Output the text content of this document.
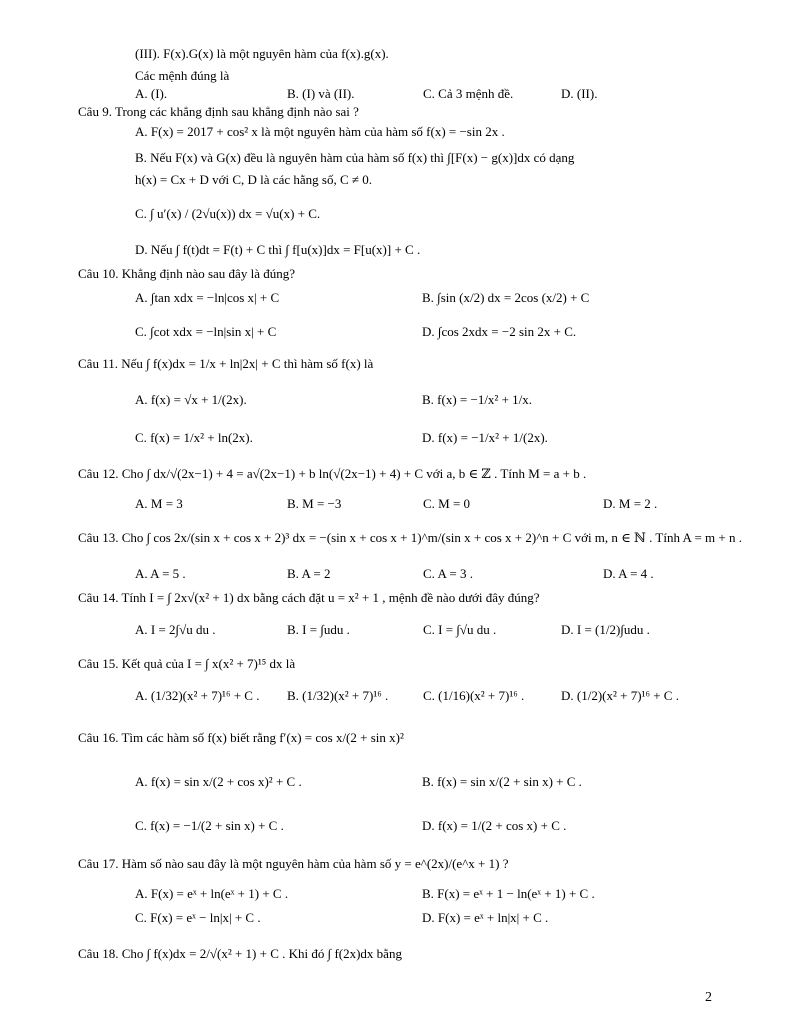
(III). F(x).G(x) là một nguyên hàm của f(x).g(x).
Các mệnh đúng là
A. (I).	B. (I) và (II).	C. Cả 3 mệnh đề.	D. (II).
Câu 9. Trong các khẳng định sau khẳng định nào sai ?
A. F(x) = 2017 + cos² x là một nguyên hàm của hàm số f(x) = −sin 2x .
B. Nếu F(x) và G(x) đều là nguyên hàm của hàm số f(x) thì ∫[F(x) − g(x)]dx có dạng
h(x) = Cx + D với C, D là các hằng số, C ≠ 0.
C. ∫ u′(x) / (2√u(x)) dx = √u(x) + C.
D. Nếu ∫ f(t)dt = F(t) + C thì ∫ f[u(x)]dx = F[u(x)] + C .
Câu 10. Khẳng định nào sau đây là đúng?
A. ∫tan xdx = −ln|cos x| + C	B. ∫sin (x/2) dx = 2cos (x/2) + C
C. ∫cot xdx = −ln|sin x| + C	D. ∫cos 2xdx = −2 sin 2x + C.
Câu 11. Nếu ∫ f(x)dx = 1/x + ln|2x| + C thì hàm số f(x) là
A. f(x) = √x + 1/(2x).	B. f(x) = −1/x² + 1/x.
C. f(x) = 1/x² + ln(2x).	D. f(x) = −1/x² + 1/(2x).
Câu 12. Cho ∫ dx/√(2x−1) + 4 = a√(2x−1) + b ln(√(2x−1) + 4) + C với a, b ∈ ℤ . Tính M = a + b .
A. M = 3	B. M = −3	C. M = 0	D. M = 2 .
Câu 13. Cho ∫ cos 2x/(sin x + cos x + 2)³ dx = −(sin x + cos x + 1)^m/(sin x + cos x + 2)^n + C với m, n ∈ ℕ . Tính A = m + n .
A. A = 5 .	B. A = 2	C. A = 3 .	D. A = 4 .
Câu 14. Tính I = ∫ 2x√(x² + 1) dx bằng cách đặt u = x² + 1 , mệnh đề nào dưới đây đúng?
A. I = 2∫√u du .	B. I = ∫udu .	C. I = ∫√u du .	D. I = (1/2)∫udu .
Câu 15. Kết quả của I = ∫ x(x² + 7)¹⁵ dx là
A. (1/32)(x² + 7)¹⁶ + C . B. (1/32)(x² + 7)¹⁶ .	C. (1/16)(x² + 7)¹⁶ .	D. (1/2)(x² + 7)¹⁶ + C .
Câu 16. Tìm các hàm số f(x) biết rằng f′(x) = cos x/(2 + sin x)²
A. f(x) = sin x/(2 + cos x)² + C .	B. f(x) = sin x/(2 + sin x) + C .
C. f(x) = −1/(2 + sin x) + C .	D. f(x) = 1/(2 + cos x) + C .
Câu 17. Hàm số nào sau đây là một nguyên hàm của hàm số y = e^(2x)/(e^x + 1) ?
A. F(x) = eˣ + ln(eˣ + 1) + C .	B. F(x) = eˣ + 1 − ln(eˣ + 1) + C .
C. F(x) = eˣ − ln|x| + C .	D. F(x) = eˣ + ln|x| + C .
Câu 18. Cho ∫ f(x)dx = 2/√(x² + 1) + C . Khi đó ∫ f(2x)dx bằng
2
